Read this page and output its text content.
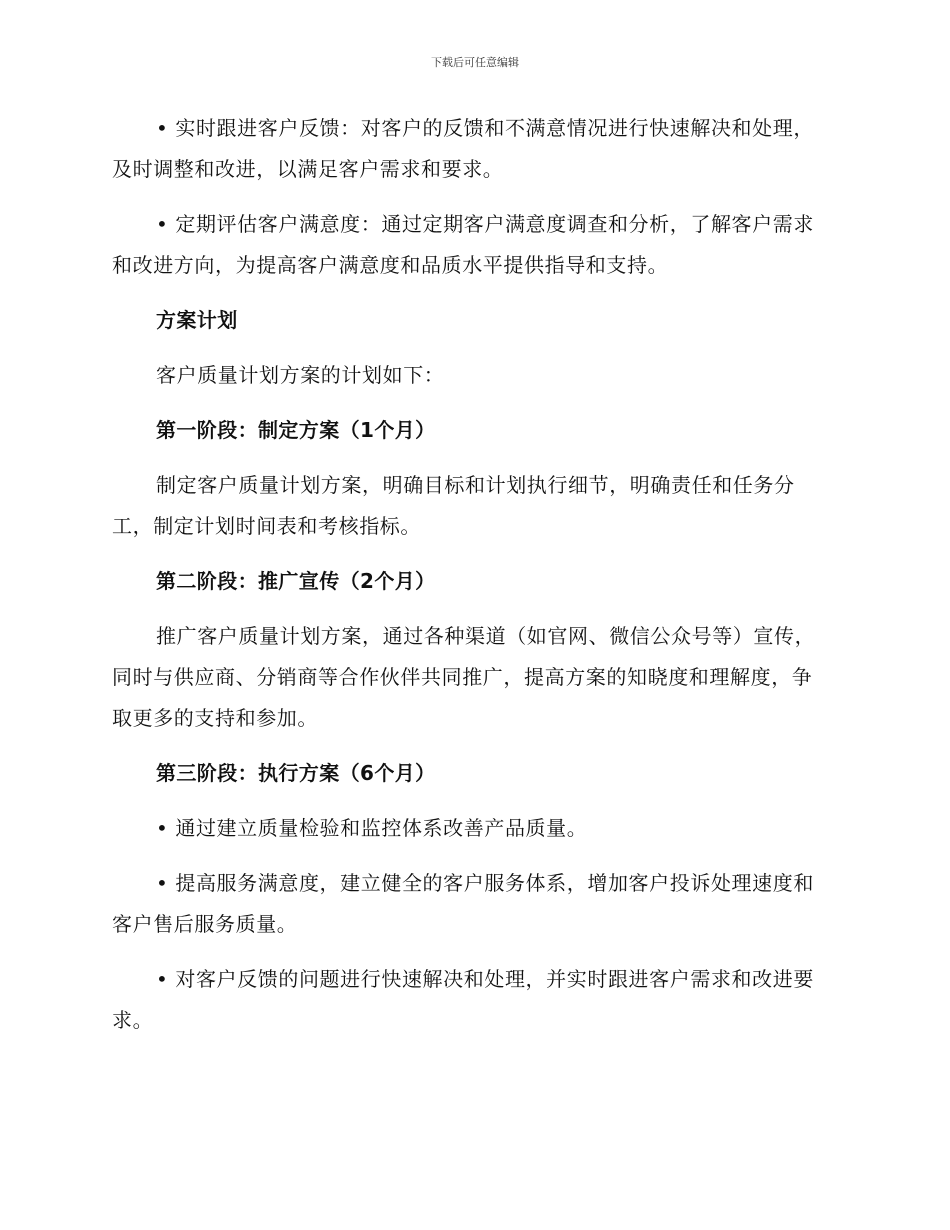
下载后可任意编辑

• 实时跟进客户反馈：对客户的反馈和不满意情况进行快速解决和处理，及时调整和改进，以满足客户需求和要求。

• 定期评估客户满意度：通过定期客户满意度调查和分析，了解客户需求和改进方向，为提高客户满意度和品质水平提供指导和支持。

方案计划

客户质量计划方案的计划如下：

第一阶段：制定方案（1个月）

制定客户质量计划方案，明确目标和计划执行细节，明确责任和任务分工，制定计划时间表和考核指标。

第二阶段：推广宣传（2个月）

推广客户质量计划方案，通过各种渠道（如官网、微信公众号等）宣传，同时与供应商、分销商等合作伙伴共同推广，提高方案的知晓度和理解度，争取更多的支持和参加。

第三阶段：执行方案（6个月）

• 通过建立质量检验和监控体系改善产品质量。

• 提高服务满意度，建立健全的客户服务体系，增加客户投诉处理速度和客户售后服务质量。

• 对客户反馈的问题进行快速解决和处理，并实时跟进客户需求和改进要求。
